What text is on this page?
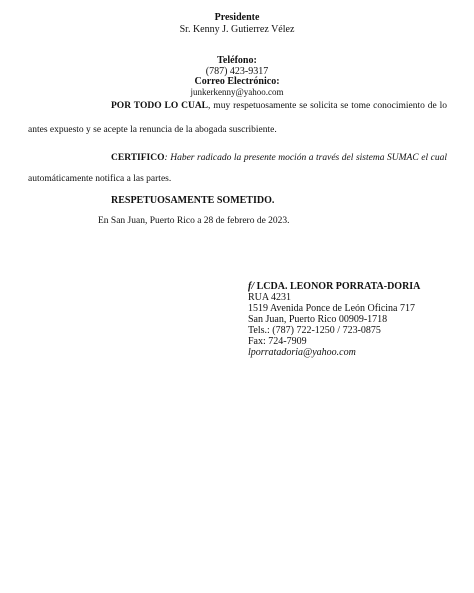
Presidente
Sr. Kenny J. Gutierrez Vélez
Teléfono:
(787) 423-9317
Correo Electrónico:
junkerkenny@yahoo.com
POR TODO LO CUAL, muy respetuosamente se solicita se tome conocimiento de lo
antes expuesto y se acepte la renuncia de la abogada suscribiente.
CERTIFICO: Haber radicado la presente moción a través del sistema SUMAC el cual
automáticamente notifica a las partes.
RESPETUOSAMENTE SOMETIDO.
En San Juan, Puerto Rico a 28 de febrero de 2023.
f/ LCDA. LEONOR PORRATA-DORIA
RUA 4231
1519 Avenida Ponce de León Oficina 717
San Juan, Puerto Rico 00909-1718
Tels.: (787) 722-1250 / 723-0875
Fax: 724-7909
lporratadoria@yahoo.com
